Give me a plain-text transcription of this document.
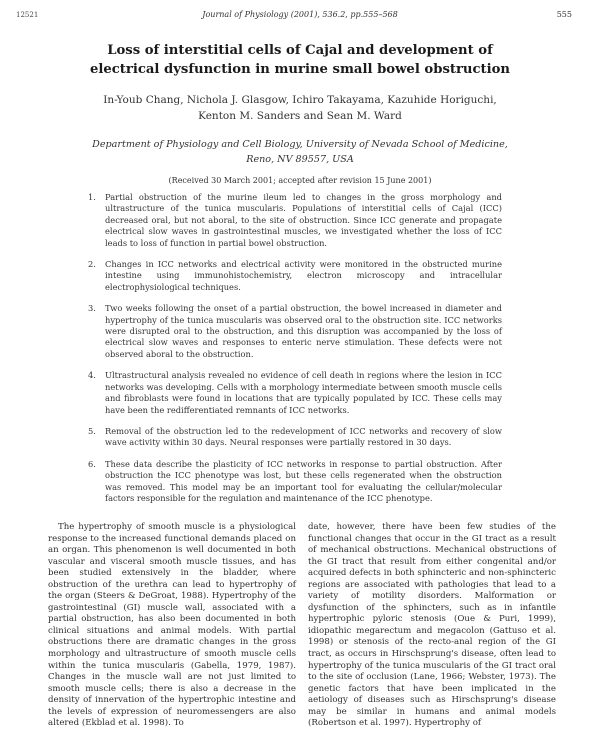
12521	Journal of Physiology (2001), 536.2, pp.555–568	555
Loss of interstitial cells of Cajal and development of
electrical dysfunction in murine small bowel obstruction
In-Youb Chang, Nichola J. Glasgow, Ichiro Takayama, Kazuhide Horiguchi,
Kenton M. Sanders and Sean M. Ward
Department of Physiology and Cell Biology, University of Nevada School of Medicine,
Reno, NV 89557, USA
(Received 30 March 2001; accepted after revision 15 June 2001)
1. Partial obstruction of the murine ileum led to changes in the gross morphology and ultrastructure of the tunica muscularis. Populations of interstitial cells of Cajal (ICC) decreased oral, but not aboral, to the site of obstruction. Since ICC generate and propagate electrical slow waves in gastrointestinal muscles, we investigated whether the loss of ICC leads to loss of function in partial bowel obstruction.
2. Changes in ICC networks and electrical activity were monitored in the obstructed murine intestine using immunohistochemistry, electron microscopy and intracellular electrophysiological techniques.
3. Two weeks following the onset of a partial obstruction, the bowel increased in diameter and hypertrophy of the tunica muscularis was observed oral to the obstruction site. ICC networks were disrupted oral to the obstruction, and this disruption was accompanied by the loss of electrical slow waves and responses to enteric nerve stimulation. These defects were not observed aboral to the obstruction.
4. Ultrastructural analysis revealed no evidence of cell death in regions where the lesion in ICC networks was developing. Cells with a morphology intermediate between smooth muscle cells and fibroblasts were found in locations that are typically populated by ICC. These cells may have been the redifferentiated remnants of ICC networks.
5. Removal of the obstruction led to the redevelopment of ICC networks and recovery of slow wave activity within 30 days. Neural responses were partially restored in 30 days.
6. These data describe the plasticity of ICC networks in response to partial obstruction. After obstruction the ICC phenotype was lost, but these cells regenerated when the obstruction was removed. This model may be an important tool for evaluating the cellular/molecular factors responsible for the regulation and maintenance of the ICC phenotype.
The hypertrophy of smooth muscle is a physiological response to the increased functional demands placed on an organ. This phenomenon is well documented in both vascular and visceral smooth muscle tissues, and has been studied extensively in the bladder, where obstruction of the urethra can lead to hypertrophy of the organ (Steers & DeGroat, 1988). Hypertrophy of the gastrointestinal (GI) muscle wall, associated with a partial obstruction, has also been documented in both clinical situations and animal models. With partial obstructions there are dramatic changes in the gross morphology and ultrastructure of smooth muscle cells within the tunica muscularis (Gabella, 1979, 1987). Changes in the muscle wall are not just limited to smooth muscle cells; there is also a decrease in the density of innervation of the hypertrophic intestine and the levels of expression of neuromessengers are also altered (Ekblad et al. 1998). To
date, however, there have been few studies of the functional changes that occur in the GI tract as a result of mechanical obstructions. Mechanical obstructions of the GI tract that result from either congenital and/or acquired defects in both sphincteric and non-sphincteric regions are associated with pathologies that lead to a variety of motility disorders. Malformation or dysfunction of the sphincters, such as in infantile hypertrophic pyloric stenosis (Oue & Puri, 1999), idiopathic megarectum and megacolon (Gattuso et al. 1998) or stenosis of the recto-anal region of the GI tract, as occurs in Hirschsprung's disease, often lead to hypertrophy of the tunica muscularis of the GI tract oral to the site of occlusion (Lane, 1966; Webster, 1973). The genetic factors that have been implicated in the aetiology of diseases such as Hirschsprung's disease may be similar in humans and animal models (Robertson et al. 1997). Hypertrophy of
